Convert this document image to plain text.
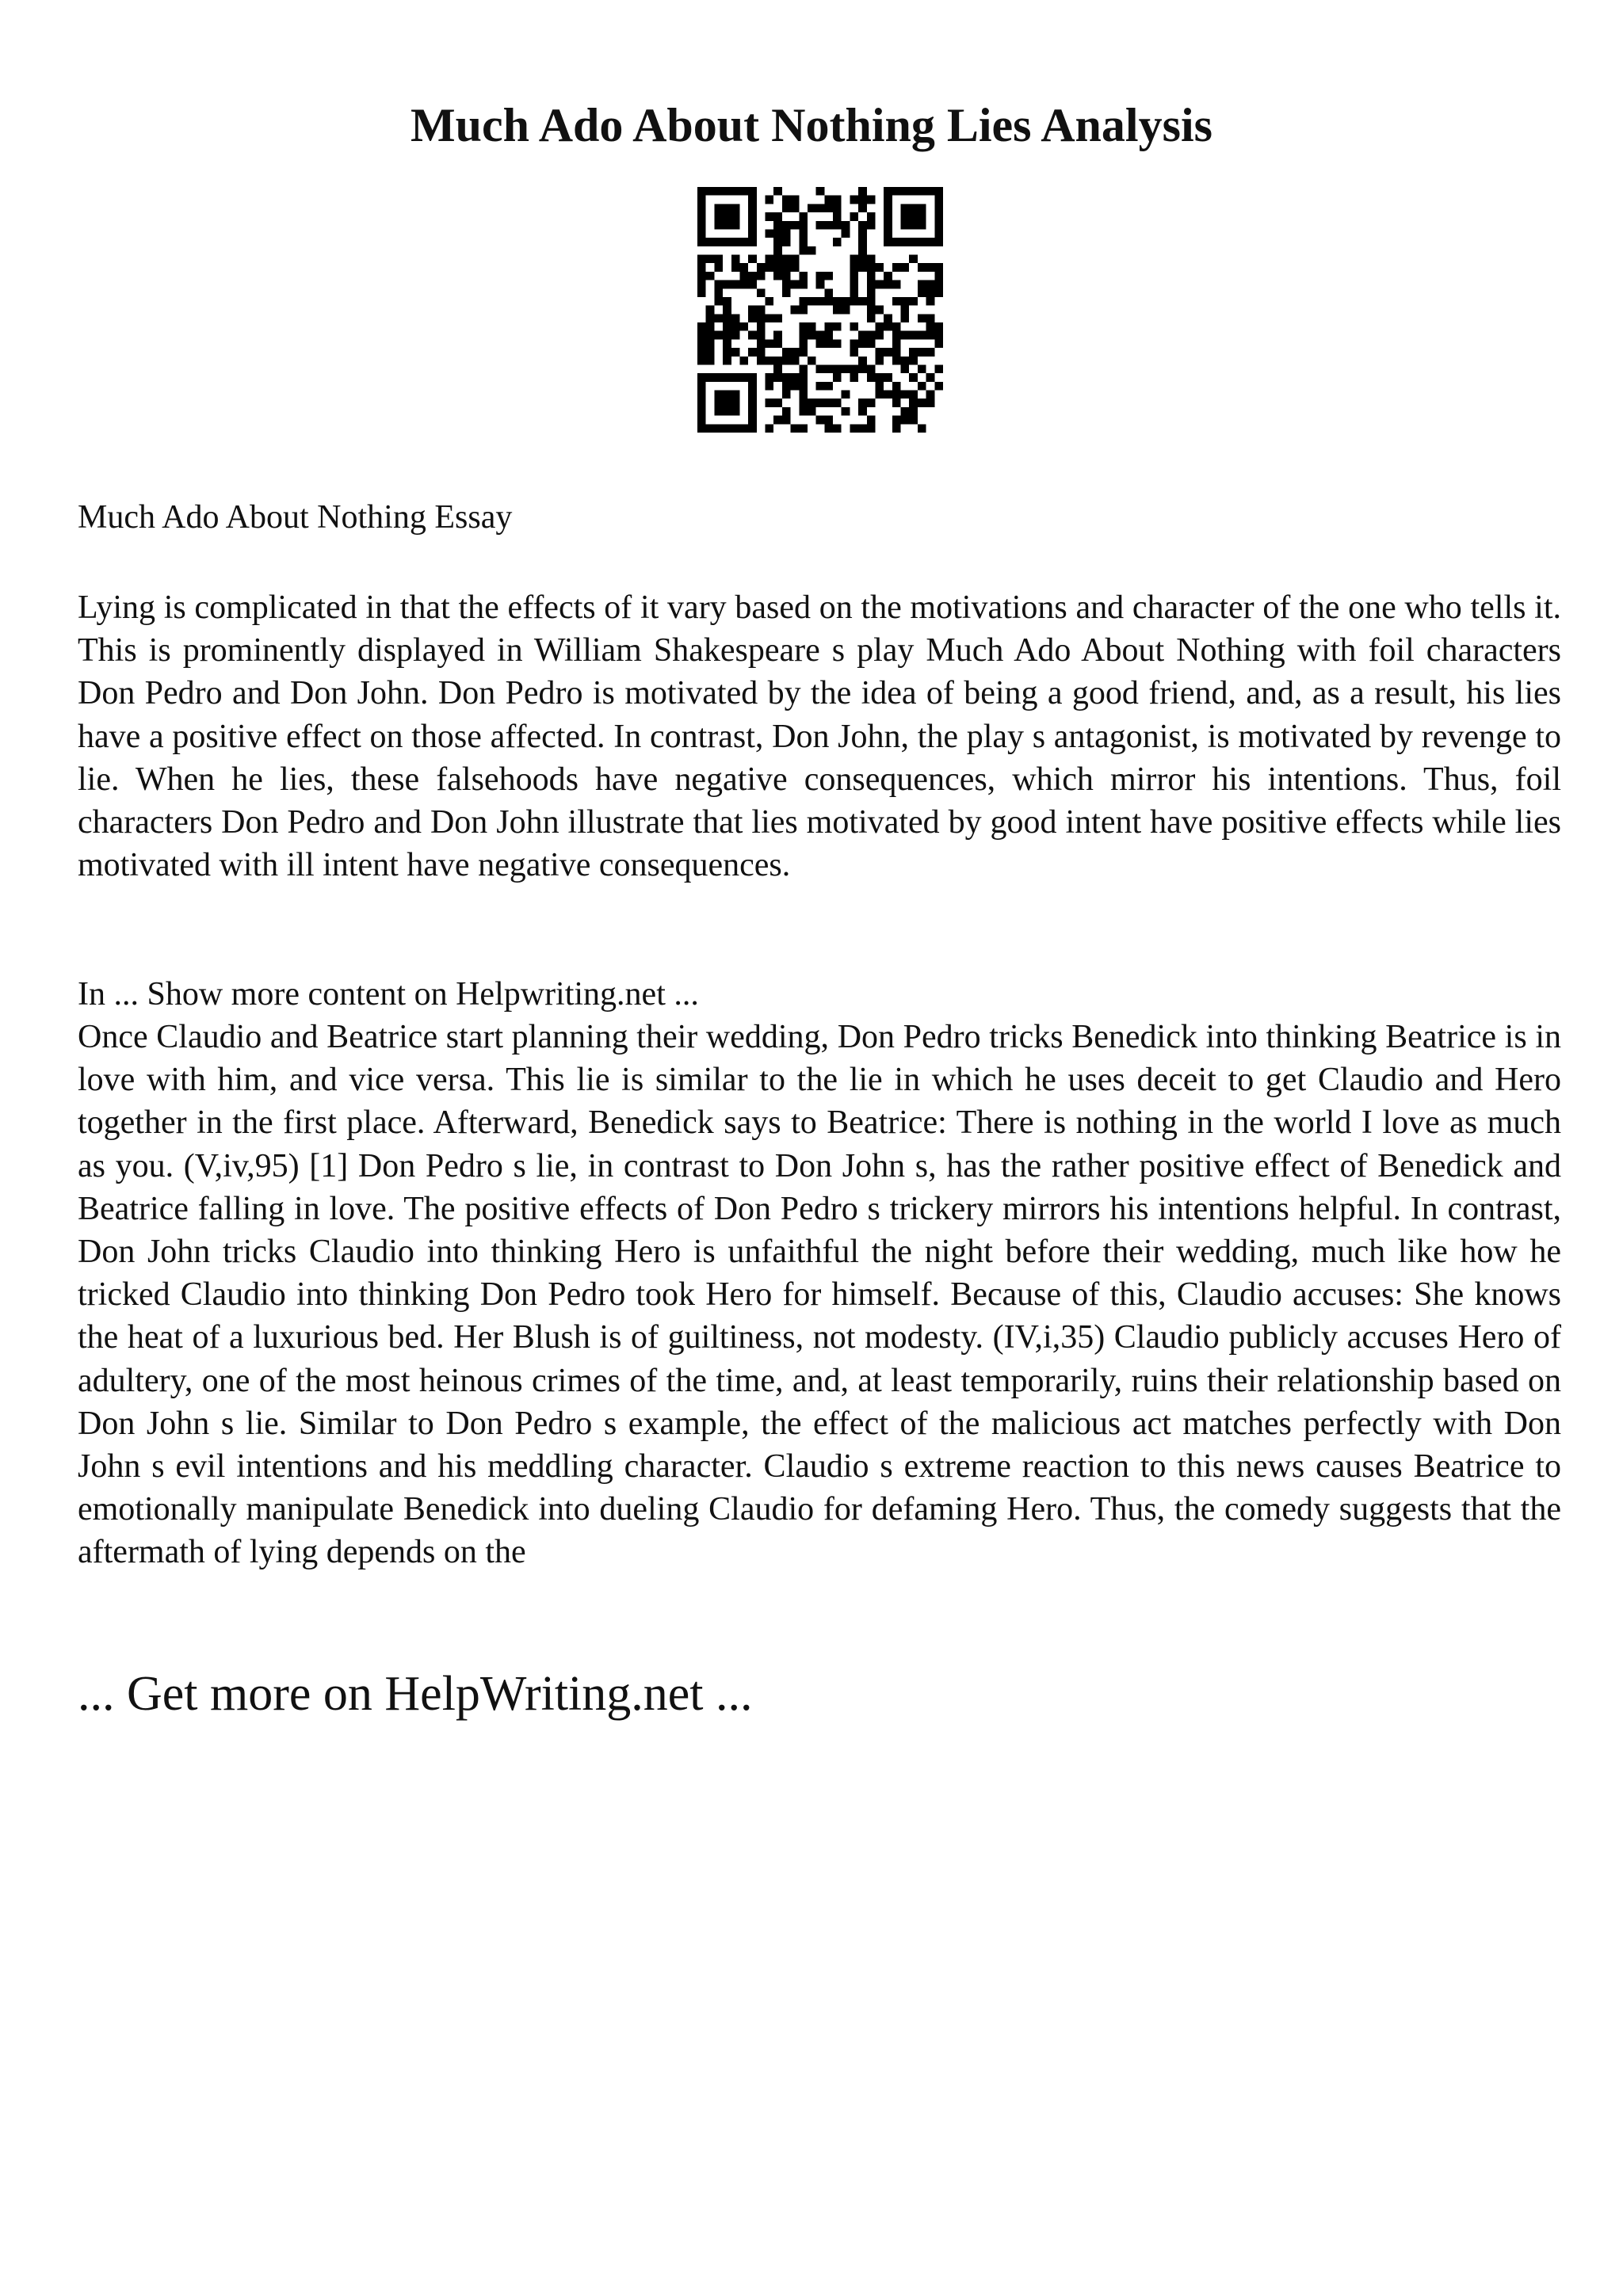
Much Ado About Nothing Lies Analysis

Much Ado About Nothing Essay

Lying is complicated in that the effects of it vary based on the motivations and character of the one who tells it. This is prominently displayed in William Shakespeare s play Much Ado About Nothing with foil characters Don Pedro and Don John. Don Pedro is motivated by the idea of being a good friend, and, as a result, his lies have a positive effect on those affected. In contrast, Don John, the play s antagonist, is motivated by revenge to lie. When he lies, these falsehoods have negative consequences, which mirror his intentions. Thus, foil characters Don Pedro and Don John illustrate that lies motivated by good intent have positive effects while lies motivated with ill intent have negative consequences.

In ... Show more content on Helpwriting.net ...

Once Claudio and Beatrice start planning their wedding, Don Pedro tricks Benedick into thinking Beatrice is in love with him, and vice versa. This lie is similar to the lie in which he uses deceit to get Claudio and Hero together in the first place. Afterward, Benedick says to Beatrice: There is nothing in the world I love as much as you. (V,iv,95) [1] Don Pedro s lie, in contrast to Don John s, has the rather positive effect of Benedick and Beatrice falling in love. The positive effects of Don Pedro s trickery mirrors his intentions helpful. In contrast, Don John tricks Claudio into thinking Hero is unfaithful the night before their wedding, much like how he tricked Claudio into thinking Don Pedro took Hero for himself. Because of this, Claudio accuses: She knows the heat of a luxurious bed. Her Blush is of guiltiness, not modesty. (IV,i,35) Claudio publicly accuses Hero of adultery, one of the most heinous crimes of the time, and, at least temporarily, ruins their relationship based on Don John s lie. Similar to Don Pedro s example, the effect of the malicious act matches perfectly with Don John s evil intentions and his meddling character. Claudio s extreme reaction to this news causes Beatrice to emotionally manipulate Benedick into dueling Claudio for defaming Hero. Thus, the comedy suggests that the aftermath of lying depends on the

... Get more on HelpWriting.net ...
